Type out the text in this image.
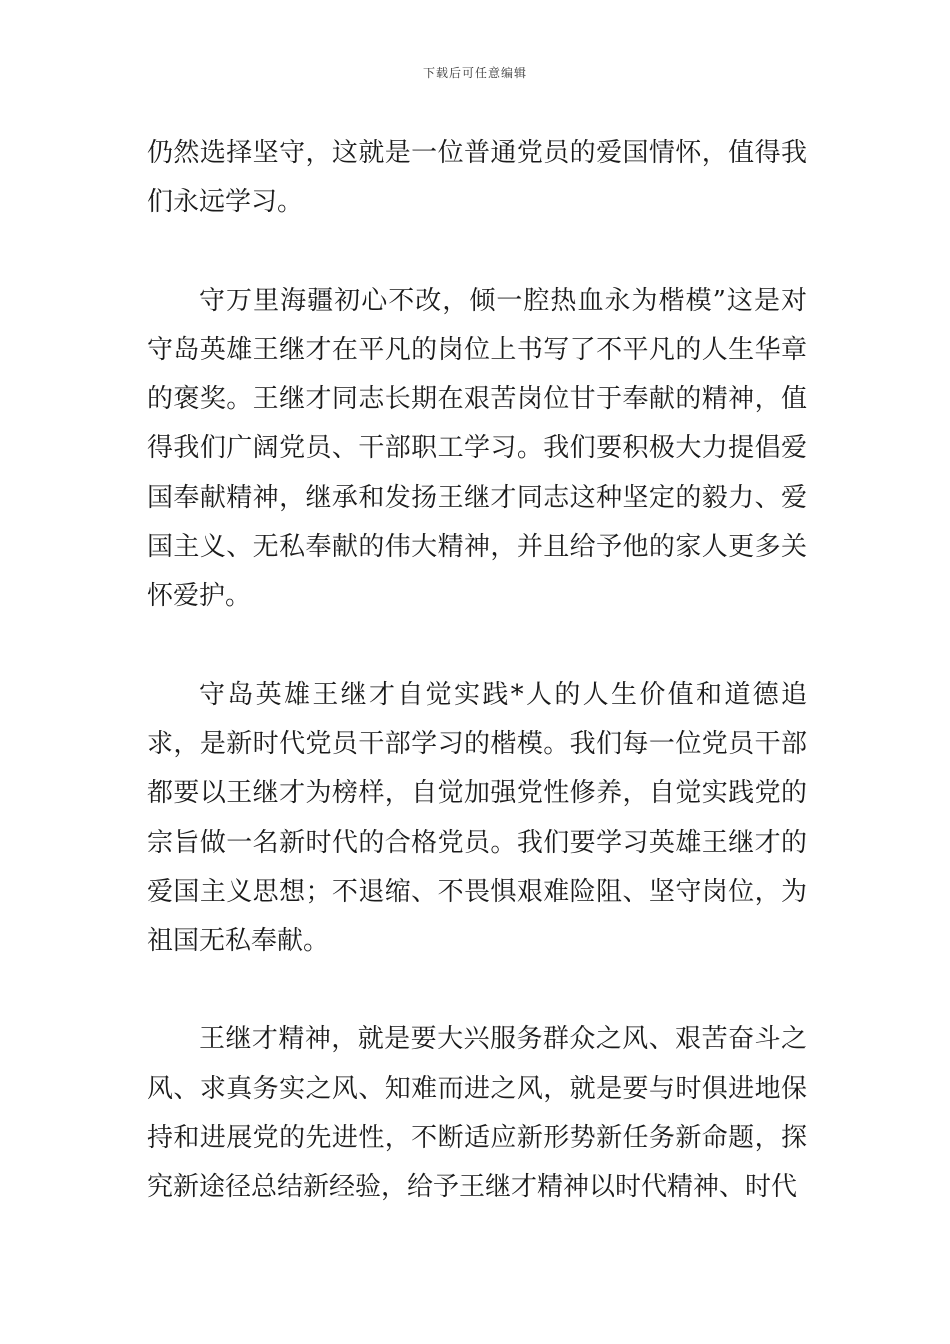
下载后可任意编辑

仍然选择坚守，这就是一位普通党员的爱国情怀，值得我们永远学习。

守万里海疆初心不改，倾一腔热血永为楷模”这是对守岛英雄王继才在平凡的岗位上书写了不平凡的人生华章的褒奖。王继才同志长期在艰苦岗位甘于奉献的精神，值得我们广阔党员、干部职工学习。我们要积极大力提倡爱国奉献精神，继承和发扬王继才同志这种坚定的毅力、爱国主义、无私奉献的伟大精神，并且给予他的家人更多关怀爱护。

守岛英雄王继才自觉实践*人的人生价值和道德追求，是新时代党员干部学习的楷模。我们每一位党员干部都要以王继才为榜样，自觉加强党性修养，自觉实践党的宗旨做一名新时代的合格党员。我们要学习英雄王继才的爱国主义思想；不退缩、不畏惧艰难险阻、坚守岗位，为祖国无私奉献。

王继才精神，就是要大兴服务群众之风、艰苦奋斗之风、求真务实之风、知难而进之风，就是要与时俱进地保持和进展党的先进性，不断适应新形势新任务新命题，探究新途径总结新经验，给予王继才精神以时代精神、时代
